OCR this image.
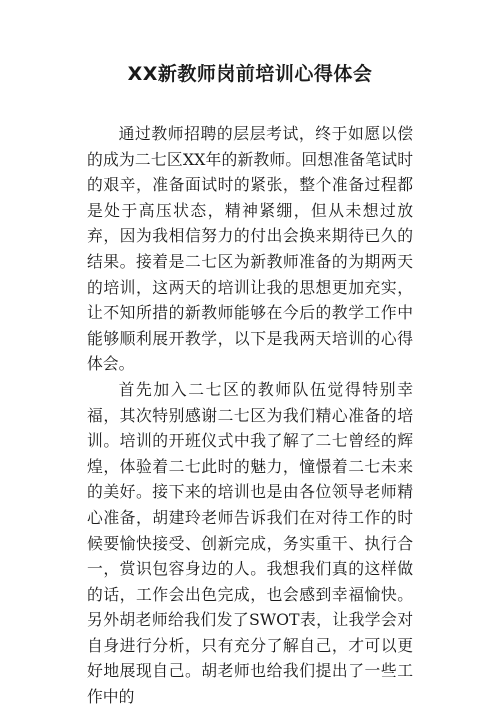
XX新教师岗前培训心得体会

通过教师招聘的层层考试，终于如愿以偿的成为二七区XX年的新教师。回想准备笔试时的艰辛，准备面试时的紧张，整个准备过程都是处于高压状态，精神紧绷，但从未想过放弃，因为我相信努力的付出会换来期待已久的结果。接着是二七区为新教师准备的为期两天的培训，这两天的培训让我的思想更加充实，让不知所措的新教师能够在今后的教学工作中能够顺利展开教学，以下是我两天培训的心得体会。

首先加入二七区的教师队伍觉得特别幸福，其次特别感谢二七区为我们精心准备的培训。培训的开班仪式中我了解了二七曾经的辉煌，体验着二七此时的魅力，憧憬着二七未来的美好。接下来的培训也是由各位领导老师精心准备，胡建玲老师告诉我们在对待工作的时候要愉快接受、创新完成，务实重干、执行合一，赏识包容身边的人。我想我们真的这样做的话，工作会出色完成，也会感到幸福愉快。另外胡老师给我们发了SWOT表，让我学会对自身进行分析，只有充分了解自己，才可以更好地展现自己。胡老师也给我们提出了一些工作中的
